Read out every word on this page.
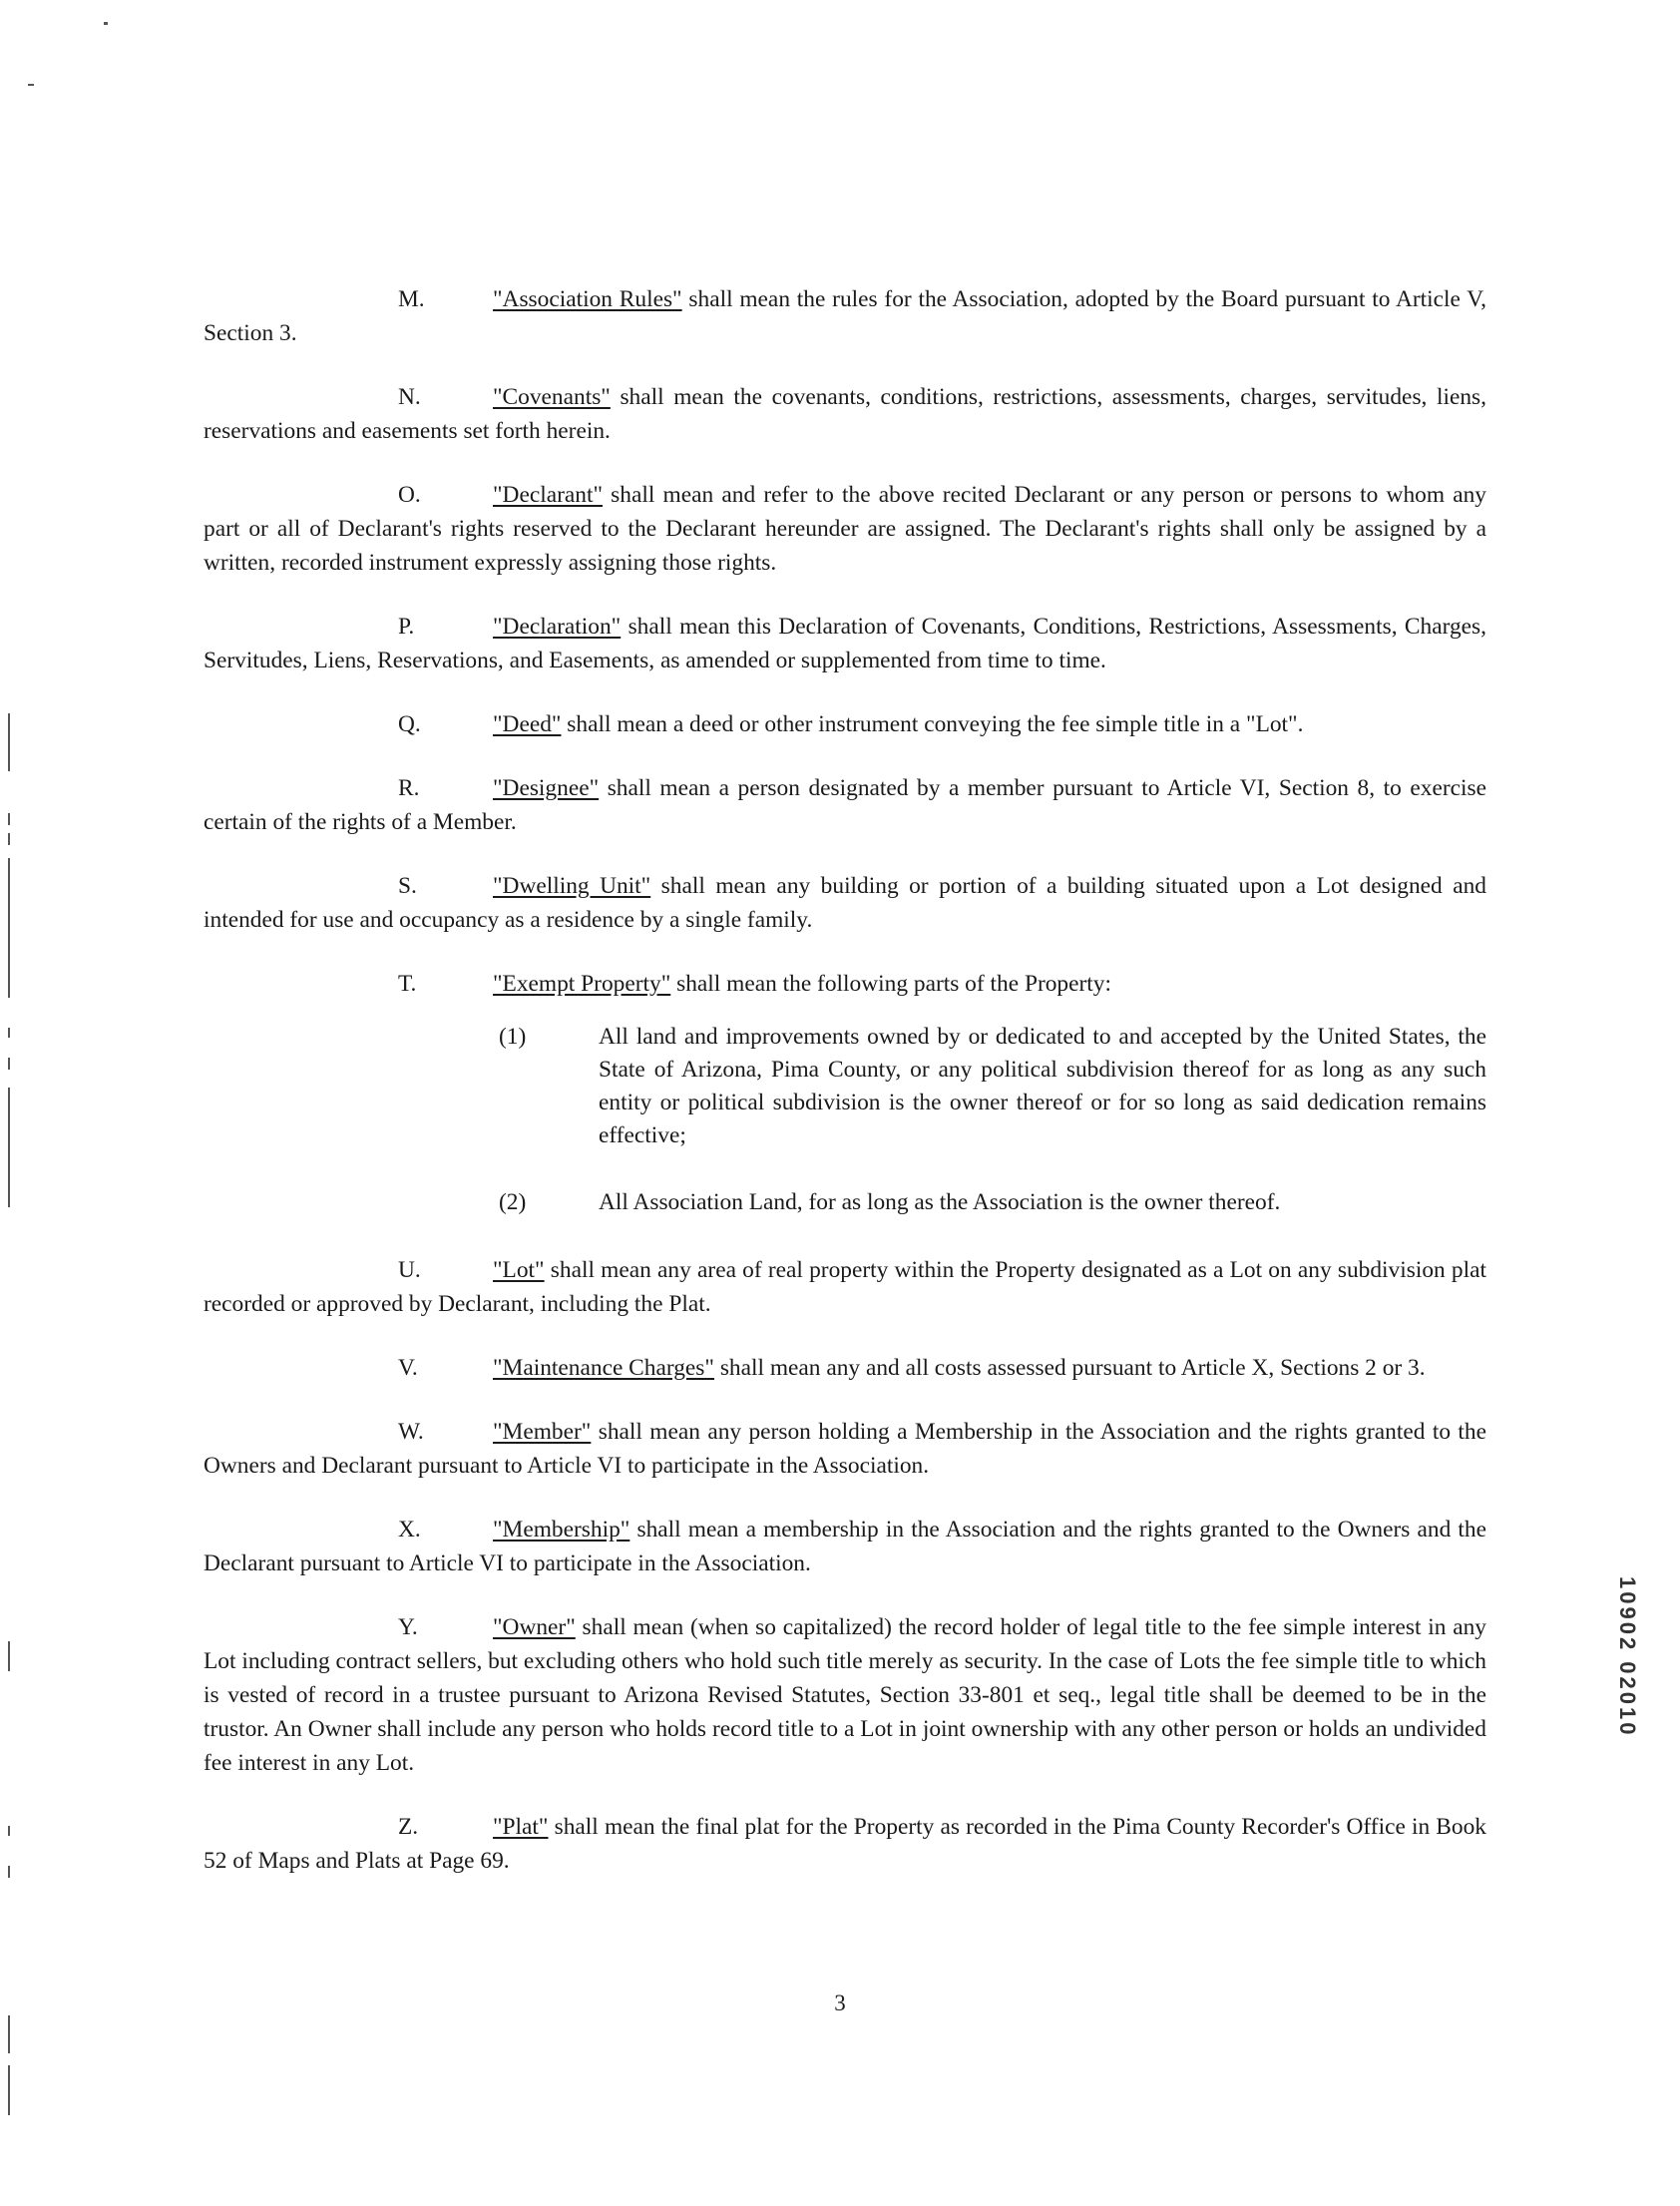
M.	"Association Rules" shall mean the rules for the Association, adopted by the Board pursuant to Article V, Section 3.

N.	"Covenants" shall mean the covenants, conditions, restrictions, assessments, charges, servitudes, liens, reservations and easements set forth herein.

O.	"Declarant" shall mean and refer to the above recited Declarant or any person or persons to whom any part or all of Declarant's rights reserved to the Declarant hereunder are assigned. The Declarant's rights shall only be assigned by a written, recorded instrument expressly assigning those rights.

P.	"Declaration" shall mean this Declaration of Covenants, Conditions, Restrictions, Assessments, Charges, Servitudes, Liens, Reservations, and Easements, as amended or supplemented from time to time.

Q.	"Deed" shall mean a deed or other instrument conveying the fee simple title in a "Lot".

R.	"Designee" shall mean a person designated by a member pursuant to Article VI, Section 8, to exercise certain of the rights of a Member.

S.	"Dwelling Unit" shall mean any building or portion of a building situated upon a Lot designed and intended for use and occupancy as a residence by a single family.

T.	"Exempt Property" shall mean the following parts of the Property:

(1)	All land and improvements owned by or dedicated to and accepted by the United States, the State of Arizona, Pima County, or any political subdivision thereof for as long as any such entity or political subdivision is the owner thereof or for so long as said dedication remains effective;
(2)	All Association Land, for as long as the Association is the owner thereof.

U.	"Lot" shall mean any area of real property within the Property designated as a Lot on any subdivision plat recorded or approved by Declarant, including the Plat.

V.	"Maintenance Charges" shall mean any and all costs assessed pursuant to Article X, Sections 2 or 3.

W.	"Member" shall mean any person holding a Membership in the Association and the rights granted to the Owners and Declarant pursuant to Article VI to participate in the Association.

X.	"Membership" shall mean a membership in the Association and the rights granted to the Owners and the Declarant pursuant to Article VI to participate in the Association.

Y.	"Owner" shall mean (when so capitalized) the record holder of legal title to the fee simple interest in any Lot including contract sellers, but excluding others who hold such title merely as security. In the case of Lots the fee simple title to which is vested of record in a trustee pursuant to Arizona Revised Statutes, Section 33-801 et seq., legal title shall be deemed to be in the trustor. An Owner shall include any person who holds record title to a Lot in joint ownership with any other person or holds an undivided fee interest in any Lot.

Z.	"Plat" shall mean the final plat for the Property as recorded in the Pima County Recorder's Office in Book 52 of Maps and Plats at Page 69.

3
10902 02010
